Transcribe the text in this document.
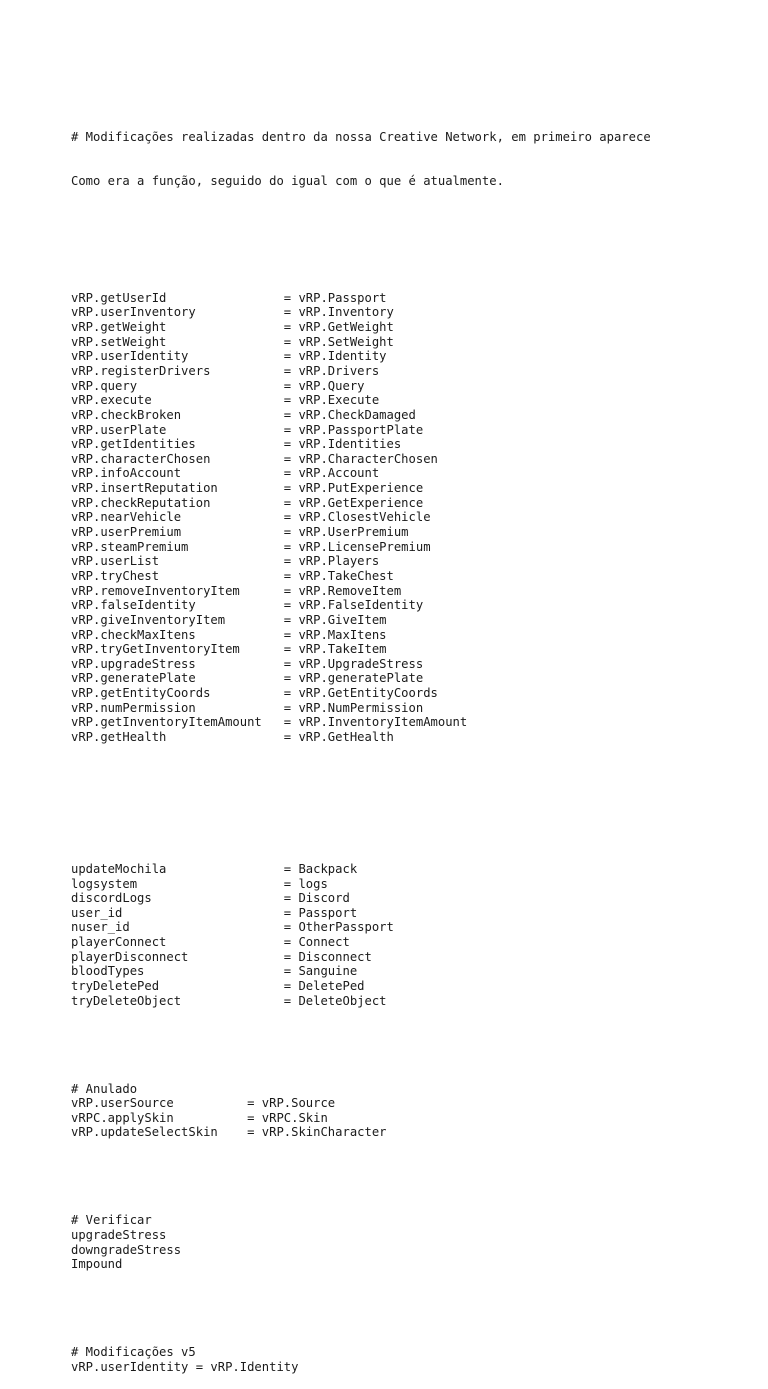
# Modificações realizadas dentro da nossa Creative Network, em primeiro aparece

Como era a função, seguido do igual com o que é atualmente.

vRP.getUserId                = vRP.Passport
vRP.userInventory            = vRP.Inventory
vRP.getWeight                = vRP.GetWeight
vRP.setWeight                = vRP.SetWeight
vRP.userIdentity             = vRP.Identity
vRP.registerDrivers          = vRP.Drivers
vRP.query                    = vRP.Query
vRP.execute                  = vRP.Execute
vRP.checkBroken              = vRP.CheckDamaged
vRP.userPlate                = vRP.PassportPlate
vRP.getIdentities            = vRP.Identities
vRP.characterChosen          = vRP.CharacterChosen
vRP.infoAccount              = vRP.Account
vRP.insertReputation         = vRP.PutExperience
vRP.checkReputation          = vRP.GetExperience
vRP.nearVehicle              = vRP.ClosestVehicle
vRP.userPremium              = vRP.UserPremium
vRP.steamPremium             = vRP.LicensePremium
vRP.userList                 = vRP.Players
vRP.tryChest                 = vRP.TakeChest
vRP.removeInventoryItem      = vRP.RemoveItem
vRP.falseIdentity            = vRP.FalseIdentity
vRP.giveInventoryItem        = vRP.GiveItem
vRP.checkMaxItens            = vRP.MaxItens
vRP.tryGetInventoryItem      = vRP.TakeItem
vRP.upgradeStress            = vRP.UpgradeStress
vRP.generatePlate            = vRP.generatePlate
vRP.getEntityCoords          = vRP.GetEntityCoords
vRP.numPermission            = vRP.NumPermission
vRP.getInventoryItemAmount   = vRP.InventoryItemAmount
vRP.getHealth                = vRP.GetHealth

updateMochila                = Backpack
logsystem                    = logs
discordLogs                  = Discord
user_id                      = Passport
nuser_id                     = OtherPassport
playerConnect                = Connect
playerDisconnect             = Disconnect
bloodTypes                   = Sanguine
tryDeletePed                 = DeletePed
tryDeleteObject              = DeleteObject

# Anulado
vRP.userSource          = vRP.Source
vRPC.applySkin          = vRPC.Skin
vRP.updateSelectSkin    = vRP.SkinCharacter

# Verificar
upgradeStress
downgradeStress
Impound

# Modificações v5
vRP.userIdentity = vRP.Identity
